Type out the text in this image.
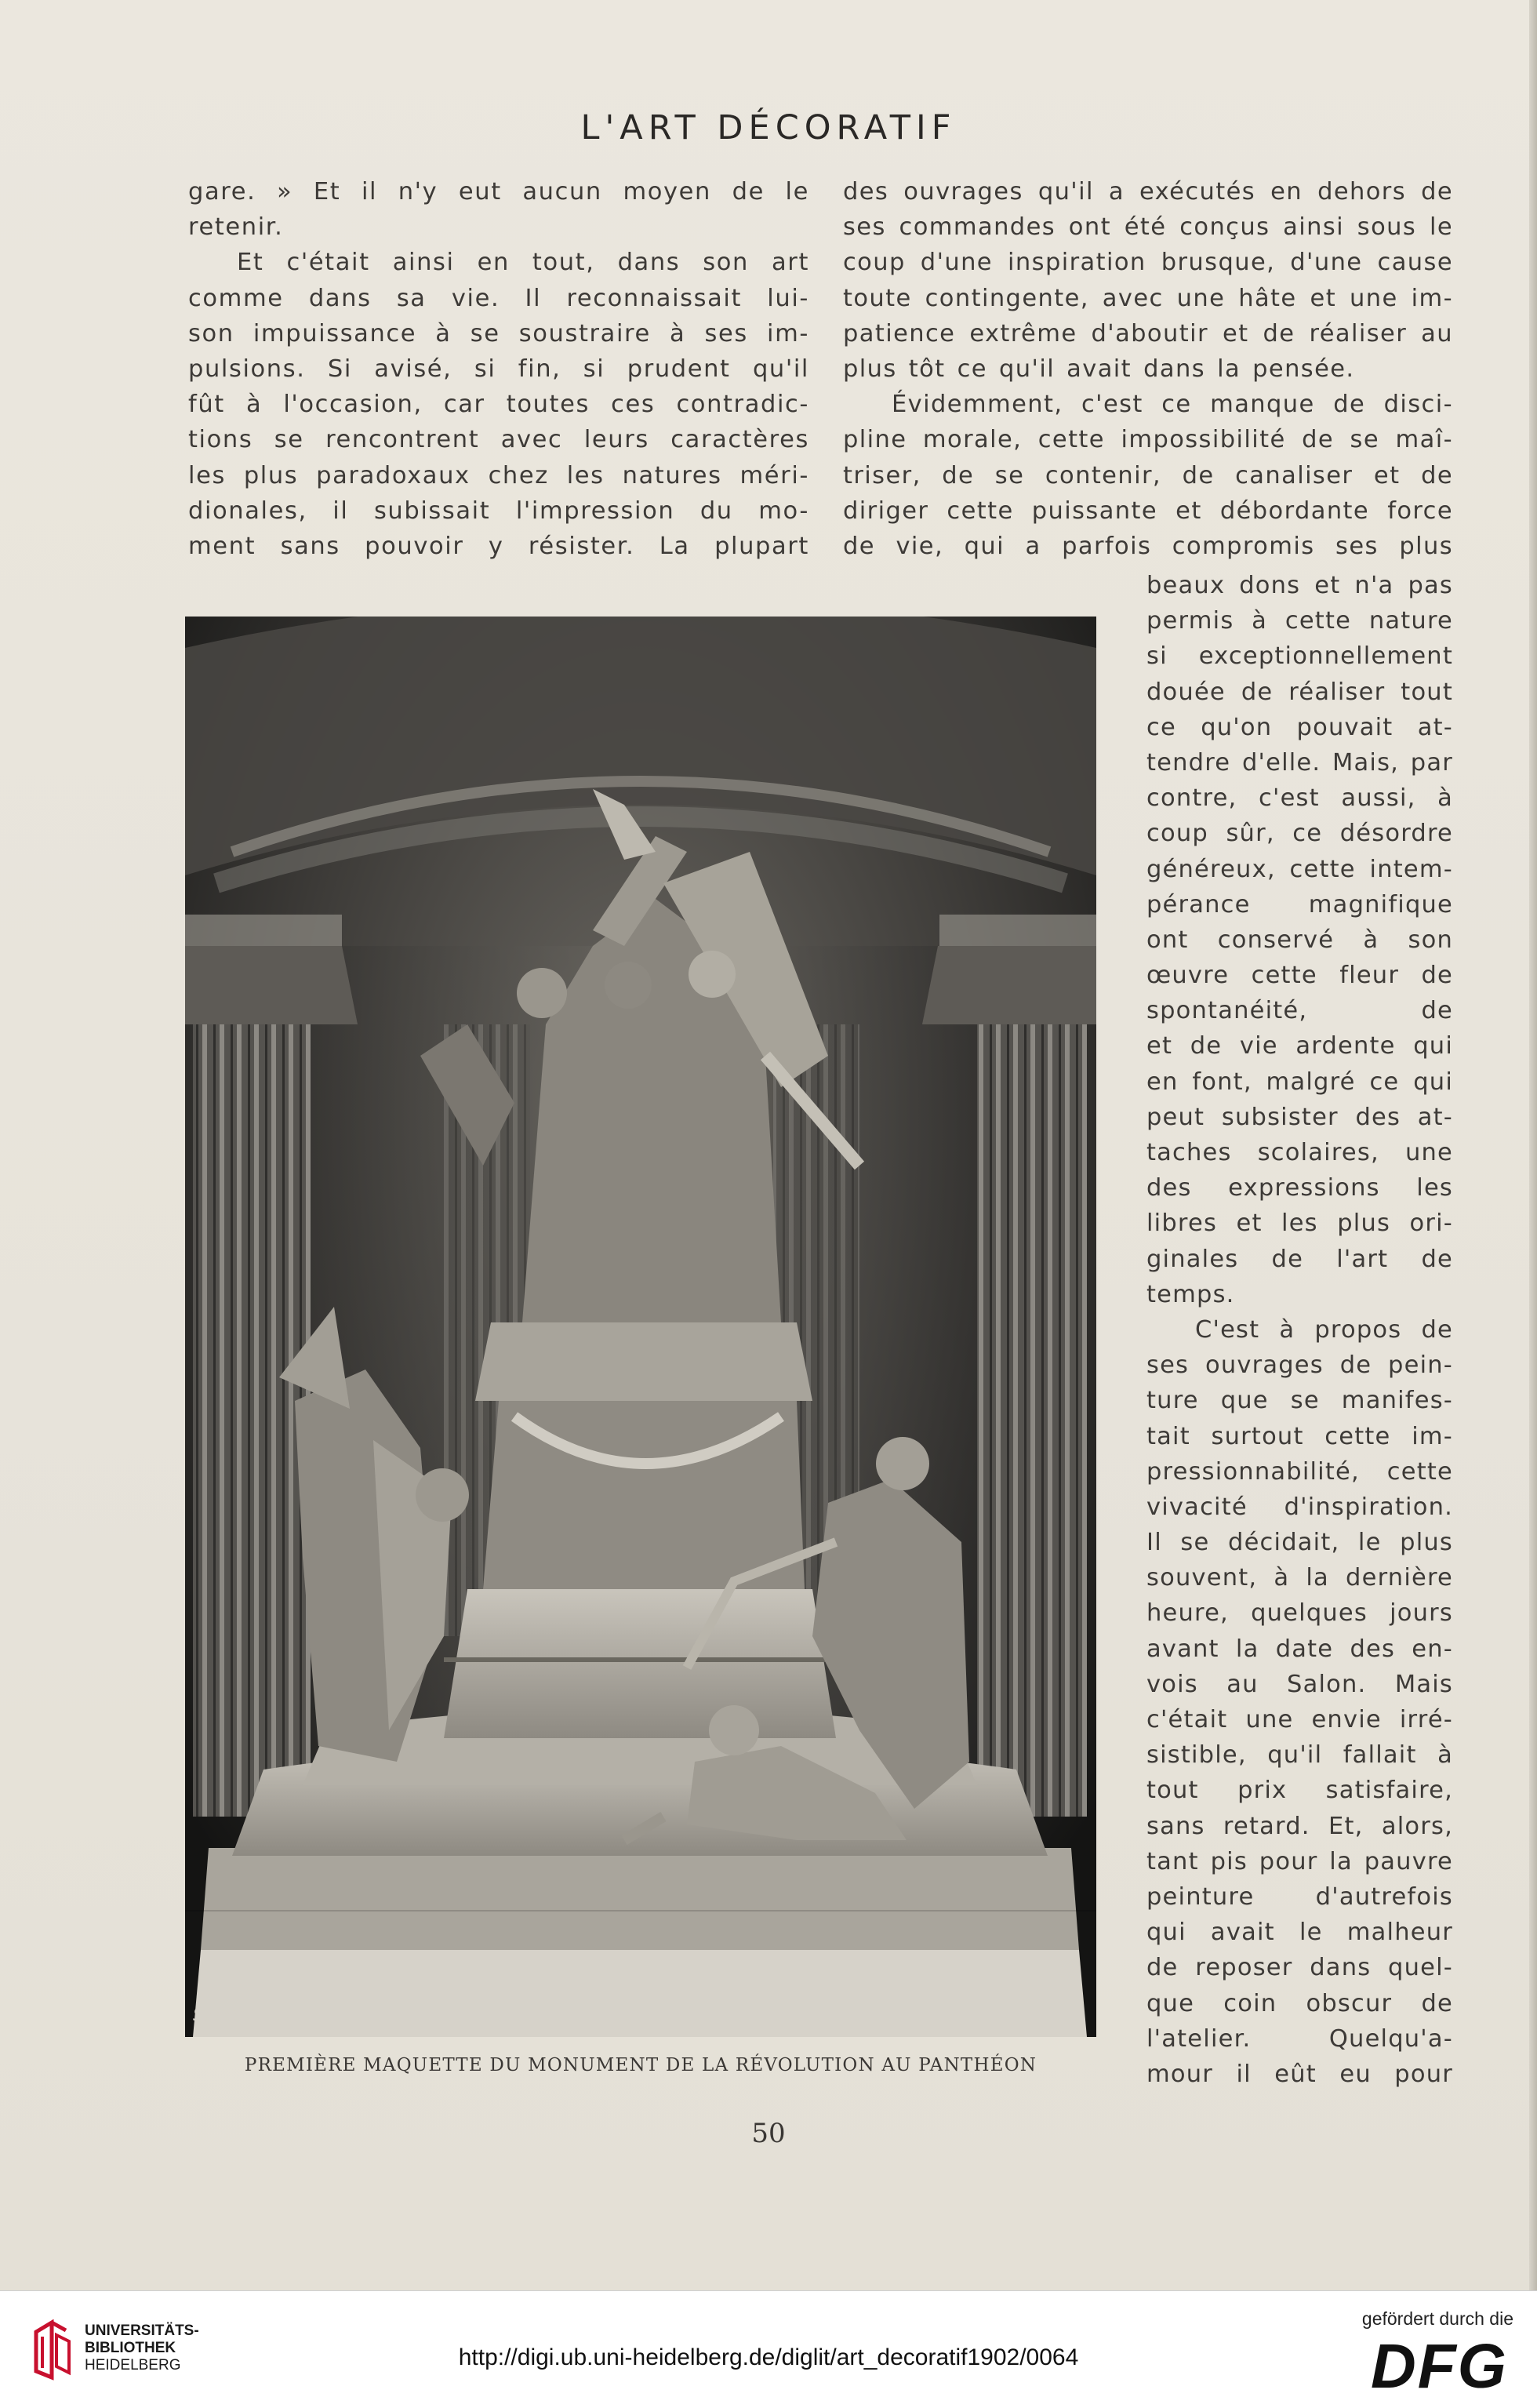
L'ART DÉCORATIF
gare. » Et il n'y eut aucun moyen de le
retenir.
Et c'était ainsi en tout, dans son art
comme dans sa vie. Il reconnaissait lui-
son impuissance à se soustraire à ses im-
pulsions. Si avisé, si fin, si prudent qu'il
fût à l'occasion, car toutes ces contradic-
tions se rencontrent avec leurs caractères
les plus paradoxaux chez les natures méri-
dionales, il subissait l'impression du mo-
ment sans pouvoir y résister. La plupart
des ouvrages qu'il a exécutés en dehors de
ses commandes ont été conçus ainsi sous le
coup d'une inspiration brusque, d'une cause
toute contingente, avec une hâte et une im-
patience extrême d'aboutir et de réaliser au
plus tôt ce qu'il avait dans la pensée.
Évidemment, c'est ce manque de disci-
pline morale, cette impossibilité de se maî-
triser, de se contenir, de canaliser et de
diriger cette puissante et débordante force
de vie, qui a parfois compromis ses plus
beaux dons et n'a pas
permis à cette nature
si exceptionnellement
douée de réaliser tout
ce qu'on pouvait at-
tendre d'elle. Mais, par
contre, c'est aussi, à
coup sûr, ce désordre
généreux, cette intem-
pérance magnifique
ont conservé à son
œuvre cette fleur de
spontanéité, de
et de vie ardente qui
en font, malgré ce qui
peut subsister des at-
taches scolaires, une
des expressions les
libres et les plus ori-
ginales de l'art de
temps.
C'est à propos de
ses ouvrages de pein-
ture que se manifes-
tait surtout cette im-
pressionnabilité, cette
vivacité d'inspiration.
Il se décidait, le plus
souvent, à la dernière
heure, quelques jours
avant la date des en-
vois au Salon. Mais
c'était une envie irré-
sistible, qu'il fallait à
tout prix satisfaire,
sans retard. Et, alors,
tant pis pour la pauvre
peinture d'autrefois
qui avait le malheur
de reposer dans quel-
que coin obscur de
l'atelier. Quelqu'a-
mour il eût eu pour
Sirard Grav.
PREMIÈRE MAQUETTE DU MONUMENT DE LA RÉVOLUTION AU PANTHÉON
50
UNIVERSITÄTS-
BIBLIOTHEK
HEIDELBERG	http://digi.ub.uni-heidelberg.de/diglit/art_decoratif1902/0064
gefördert durch die
DFG
